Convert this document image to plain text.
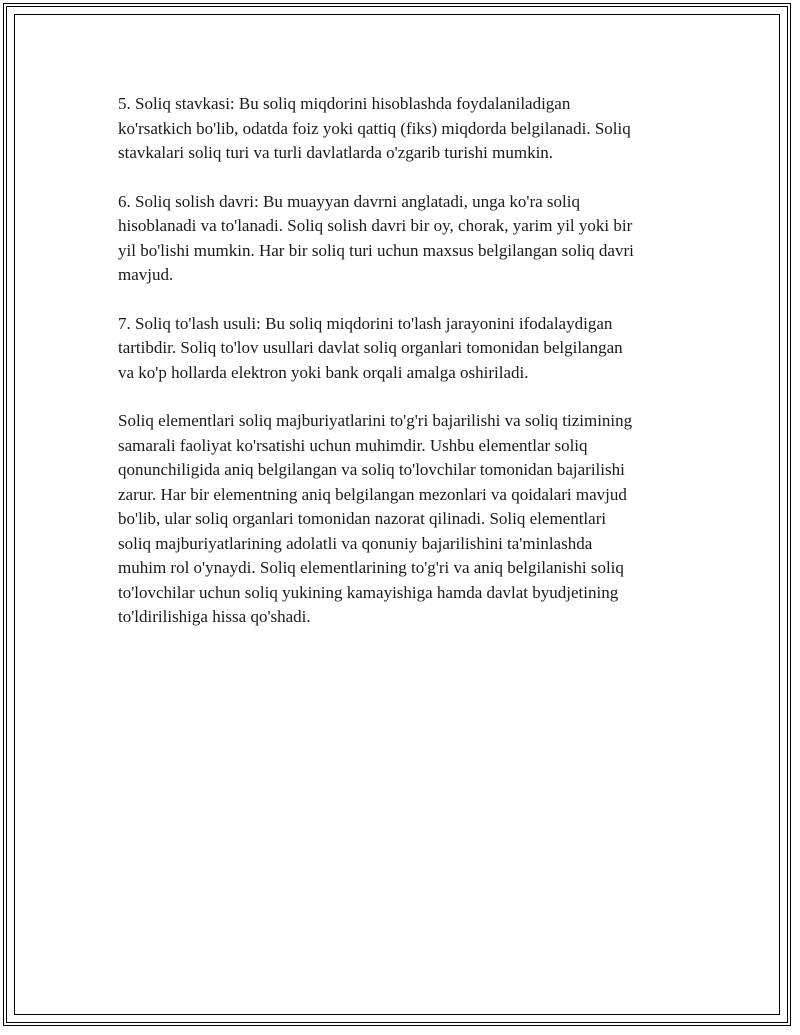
5. Soliq stavkasi: Bu soliq miqdorini hisoblashda foydalaniladigan
ko'rsatkich bo'lib, odatda foiz yoki qattiq (fiks) miqdorda belgilanadi. Soliq
stavkalari soliq turi va turli davlatlarda o'zgarib turishi mumkin.

6. Soliq solish davri: Bu muayyan davrni anglatadi, unga ko'ra soliq
hisoblanadi va to'lanadi. Soliq solish davri bir oy, chorak, yarim yil yoki bir
yil bo'lishi mumkin. Har bir soliq turi uchun maxsus belgilangan soliq davri
mavjud.

7. Soliq to'lash usuli: Bu soliq miqdorini to'lash jarayonini ifodalaydigan
tartibdir. Soliq to'lov usullari davlat soliq organlari tomonidan belgilangan
va ko'p hollarda elektron yoki bank orqali amalga oshiriladi.

Soliq elementlari soliq majburiyatlarini to'g'ri bajarilishi va soliq tizimining
samarali faoliyat ko'rsatishi uchun muhimdir. Ushbu elementlar soliq
qonunchiligida aniq belgilangan va soliq to'lovchilar tomonidan bajarilishi
zarur. Har bir elementning aniq belgilangan mezonlari va qoidalari mavjud
bo'lib, ular soliq organlari tomonidan nazorat qilinadi. Soliq elementlari
soliq majburiyatlarining adolatli va qonuniy bajarilishini ta'minlashda
muhim rol o'ynaydi. Soliq elementlarining to'g'ri va aniq belgilanishi soliq
to'lovchilar uchun soliq yukining kamayishiga hamda davlat byudjetining
to'ldirilishiga hissa qo'shadi.
